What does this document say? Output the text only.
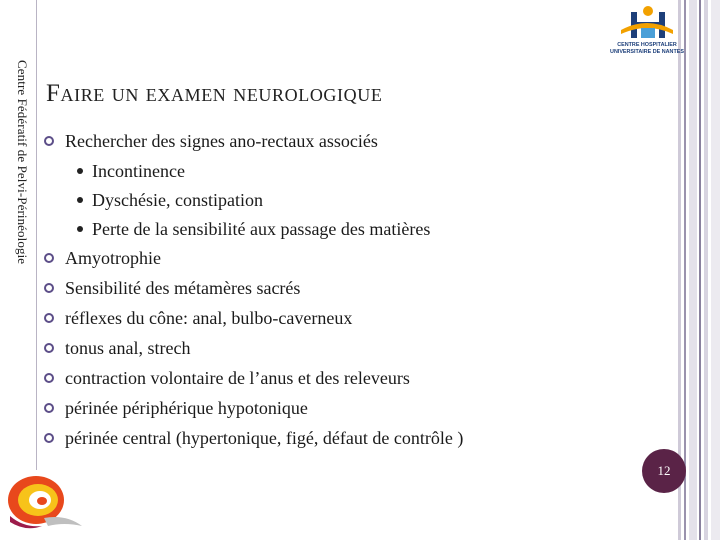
Centre Fédératif de Pelvi-Périnéologie
CENTRE HOSPITALIER
UNIVERSITAIRE DE NANTES
Faire un examen neurologique
Rechercher des signes ano-rectaux associés
Incontinence
Dyschésie, constipation
Perte de la sensibilité aux passage des matières
Amyotrophie
Sensibilité des métamères sacrés
réflexes du cône: anal, bulbo-caverneux
tonus anal, strech
contraction volontaire de l’anus et des releveurs
périnée périphérique hypotonique
périnée central (hypertonique, figé, défaut de contrôle )
12
